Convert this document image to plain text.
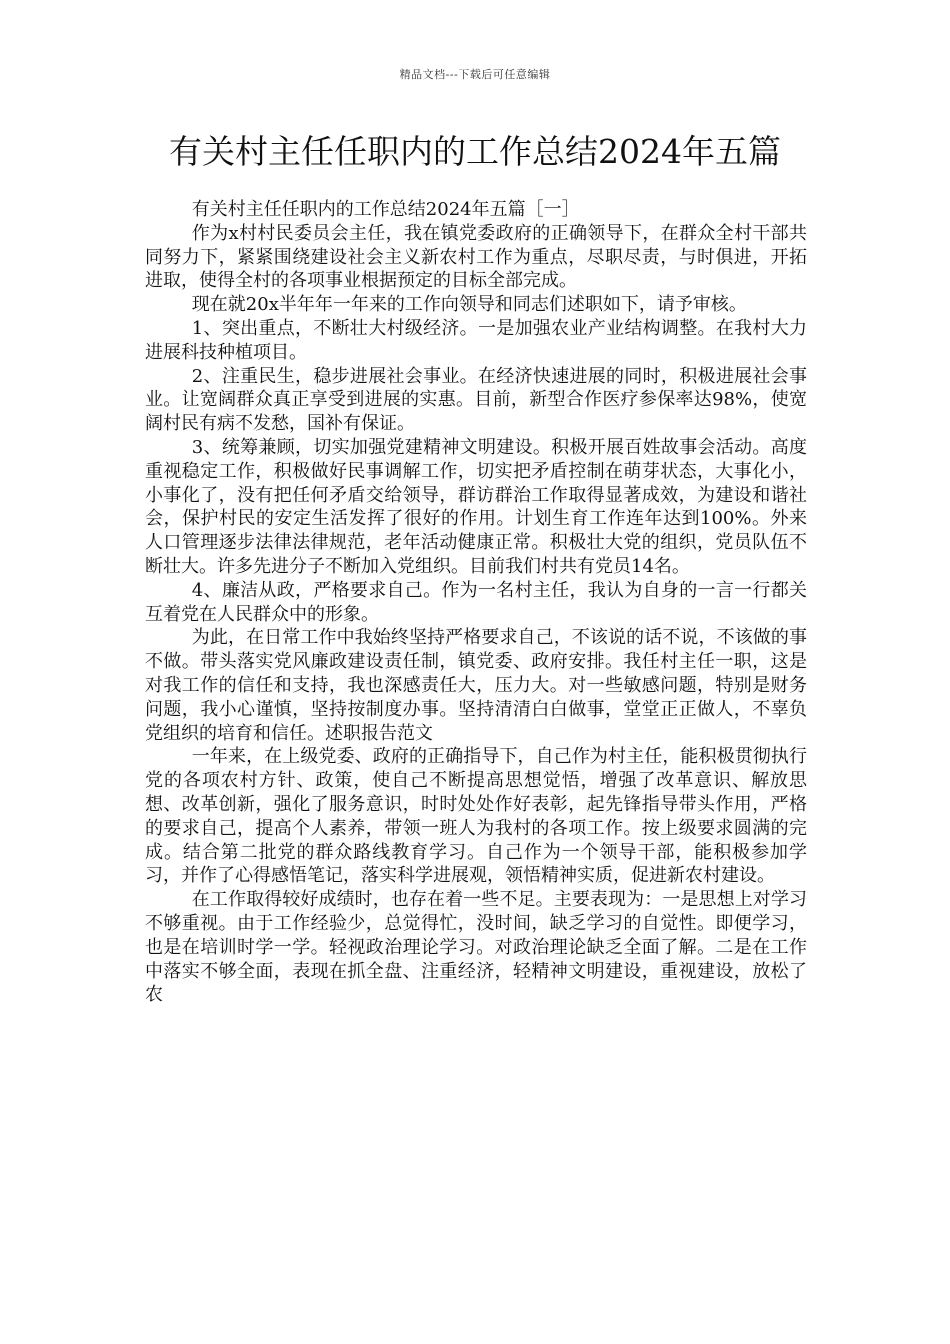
精品文档---下载后可任意编辑
有关村主任任职内的工作总结2024年五篇

有关村主任任职内的工作总结2024年五篇［一］

作为x村村民委员会主任，我在镇党委政府的正确领导下，在群众全村干部共同努力下，紧紧围绕建设社会主义新农村工作为重点，尽职尽责，与时俱进，开拓进取，使得全村的各项事业根据预定的目标全部完成。

现在就20x半年年一年来的工作向领导和同志们述职如下，请予审核。

1、突出重点，不断壮大村级经济。一是加强农业产业结构调整。在我村大力进展科技种植项目。

2、注重民生，稳步进展社会事业。在经济快速进展的同时，积极进展社会事业。让宽阔群众真正享受到进展的实惠。目前，新型合作医疗参保率达98%，使宽阔村民有病不发愁，国补有保证。

3、统筹兼顾，切实加强党建精神文明建设。积极开展百姓故事会活动。高度重视稳定工作，积极做好民事调解工作，切实把矛盾控制在萌芽状态，大事化小，小事化了，没有把任何矛盾交给领导，群访群治工作取得显著成效，为建设和谐社会，保护村民的安定生活发挥了很好的作用。计划生育工作连年达到100%。外来人口管理逐步法律法律规范，老年活动健康正常。积极壮大党的组织，党员队伍不断壮大。许多先进分子不断加入党组织。目前我们村共有党员14名。

4、廉洁从政，严格要求自己。作为一名村主任，我认为自身的一言一行都关互着党在人民群众中的形象。

为此，在日常工作中我始终坚持严格要求自己，不该说的话不说，不该做的事不做。带头落实党风廉政建设责任制，镇党委、政府安排。我任村主任一职，这是对我工作的信任和支持，我也深感责任大，压力大。对一些敏感问题，特别是财务问题，我小心谨慎，坚持按制度办事。坚持清清白白做事，堂堂正正做人，不辜负党组织的培育和信任。述职报告范文

一年来，在上级党委、政府的正确指导下，自己作为村主任，能积极贯彻执行党的各项农村方针、政策，使自己不断提高思想觉悟，增强了改革意识、解放思想、改革创新，强化了服务意识，时时处处作好表彰，起先锋指导带头作用，严格的要求自己，提高个人素养，带领一班人为我村的各项工作。按上级要求圆满的完成。结合第二批党的群众路线教育学习。自己作为一个领导干部，能积极参加学习，并作了心得感悟笔记，落实科学进展观，领悟精神实质，促进新农村建设。

在工作取得较好成绩时，也存在着一些不足。主要表现为：一是思想上对学习不够重视。由于工作经验少，总觉得忙，没时间，缺乏学习的自觉性。即便学习，也是在培训时学一学。轻视政治理论学习。对政治理论缺乏全面了解。二是在工作中落实不够全面，表现在抓全盘、注重经济，轻精神文明建设，重视建设，放松了农
